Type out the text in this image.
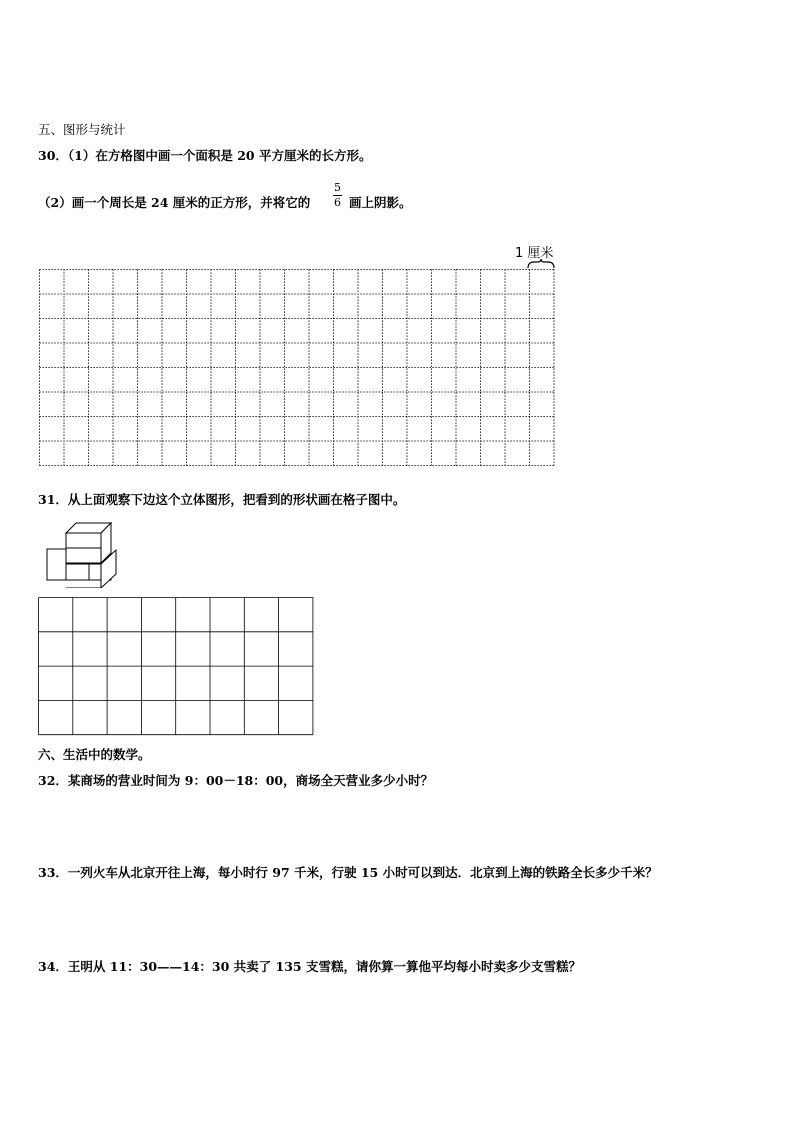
五、图形与统计
30．（1）在方格图中画一个面积是 20 平方厘米的长方形。
（2）画一个周长是 24 厘米的正方形，并将它的
5
6 画上阴影。
1 厘米
31．从上面观察下边这个立体图形，把看到的形状画在格子图中。
六、生活中的数学。
32．某商场的营业时间为 9：00－18：00，商场全天营业多少小时？
33．一列火车从北京开往上海，每小时行 97 千米，行驶 15 小时可以到达．北京到上海的铁路全长多少千米？
34．王明从 11：30——14：30 共卖了 135 支雪糕，请你算一算他平均每小时卖多少支雪糕？
